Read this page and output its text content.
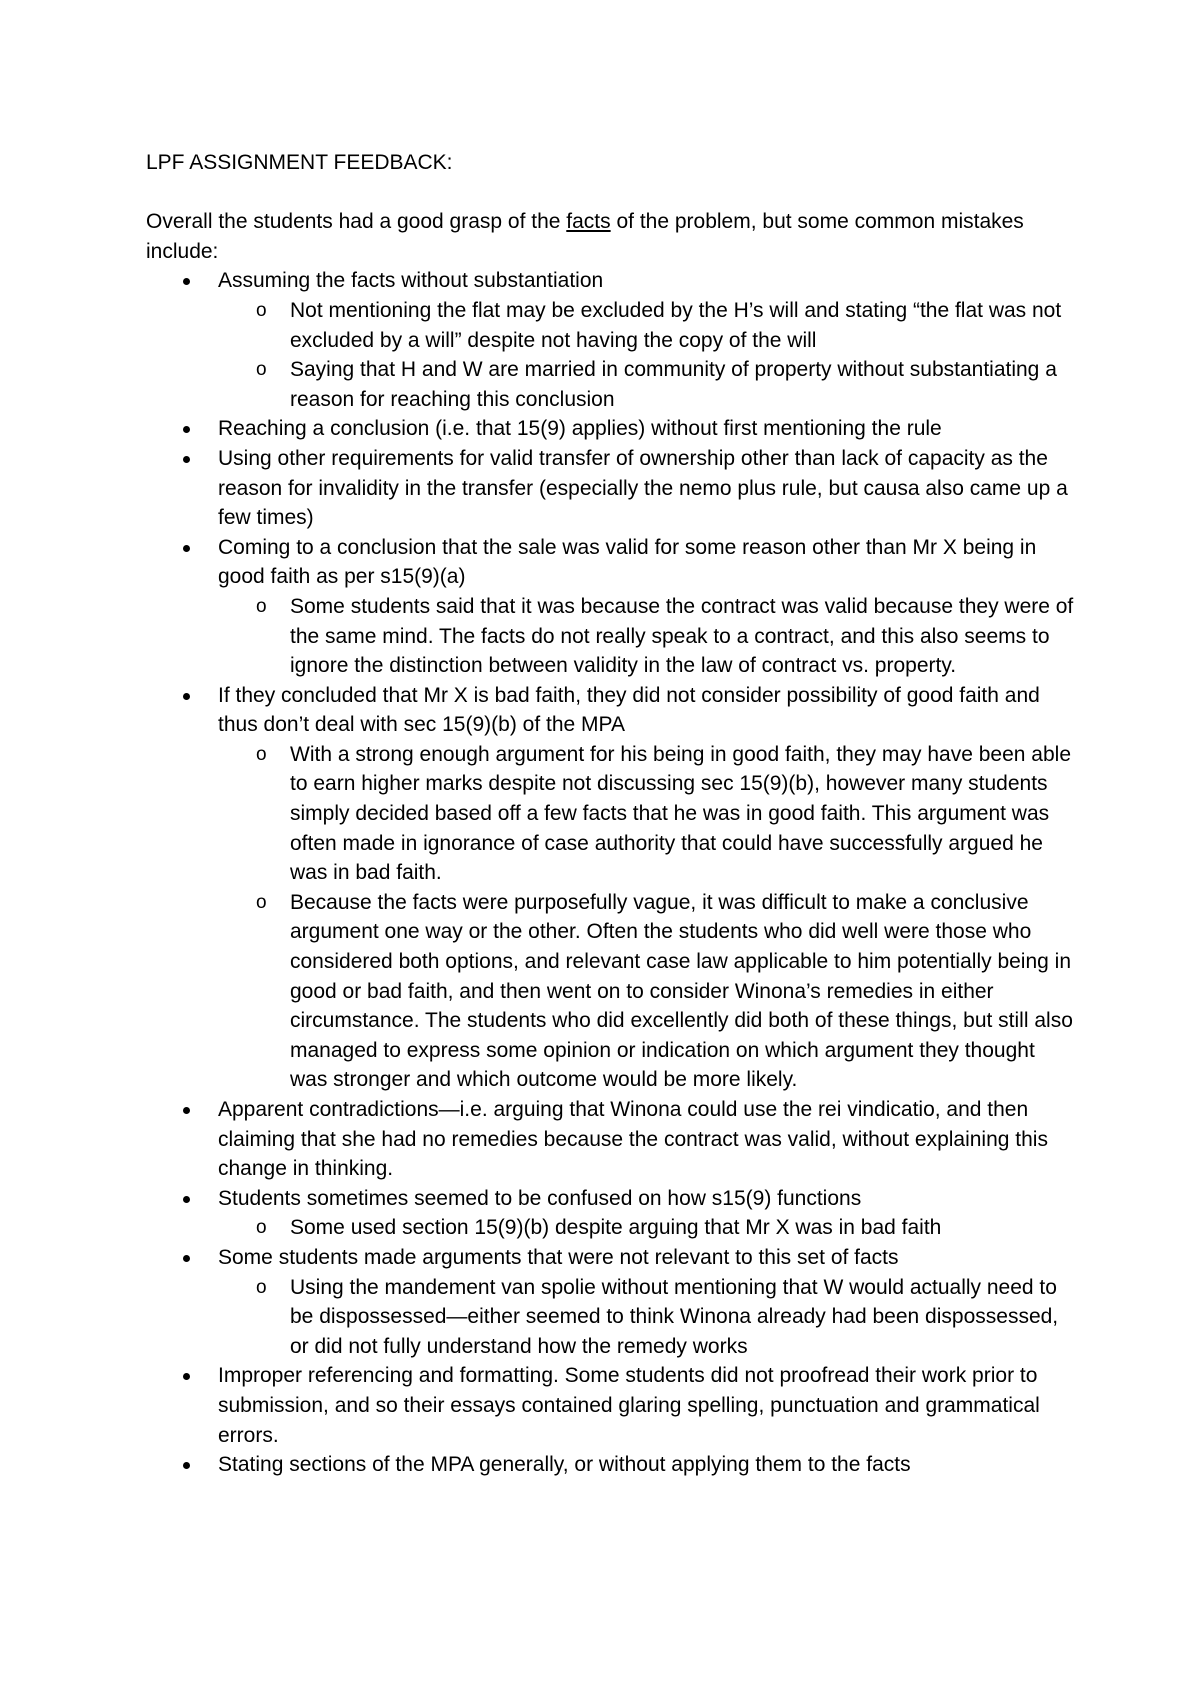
LPF ASSIGNMENT FEEDBACK:

Overall the students had a good grasp of the facts of the problem, but some common mistakes include:

Assuming the facts without substantiation
o Not mentioning the flat may be excluded by the H’s will and stating “the flat was not excluded by a will” despite not having the copy of the will
o Saying that H and W are married in community of property without substantiating a reason for reaching this conclusion
Reaching a conclusion (i.e. that 15(9) applies) without first mentioning the rule
Using other requirements for valid transfer of ownership other than lack of capacity as the reason for invalidity in the transfer (especially the nemo plus rule, but causa also came up a few times)
Coming to a conclusion that the sale was valid for some reason other than Mr X being in good faith as per s15(9)(a)
o Some students said that it was because the contract was valid because they were of the same mind. The facts do not really speak to a contract, and this also seems to ignore the distinction between validity in the law of contract vs. property.
If they concluded that Mr X is bad faith, they did not consider possibility of good faith and thus don’t deal with sec 15(9)(b) of the MPA
o With a strong enough argument for his being in good faith, they may have been able to earn higher marks despite not discussing sec 15(9)(b), however many students simply decided based off a few facts that he was in good faith. This argument was often made in ignorance of case authority that could have successfully argued he was in bad faith.
o Because the facts were purposefully vague, it was difficult to make a conclusive argument one way or the other. Often the students who did well were those who considered both options, and relevant case law applicable to him potentially being in good or bad faith, and then went on to consider Winona’s remedies in either circumstance. The students who did excellently did both of these things, but still also managed to express some opinion or indication on which argument they thought was stronger and which outcome would be more likely.
Apparent contradictions—i.e. arguing that Winona could use the rei vindicatio, and then claiming that she had no remedies because the contract was valid, without explaining this change in thinking.
Students sometimes seemed to be confused on how s15(9) functions
o Some used section 15(9)(b) despite arguing that Mr X was in bad faith
Some students made arguments that were not relevant to this set of facts
o Using the mandement van spolie without mentioning that W would actually need to be dispossessed—either seemed to think Winona already had been dispossessed, or did not fully understand how the remedy works
Improper referencing and formatting. Some students did not proofread their work prior to submission, and so their essays contained glaring spelling, punctuation and grammatical errors.
Stating sections of the MPA generally, or without applying them to the facts
